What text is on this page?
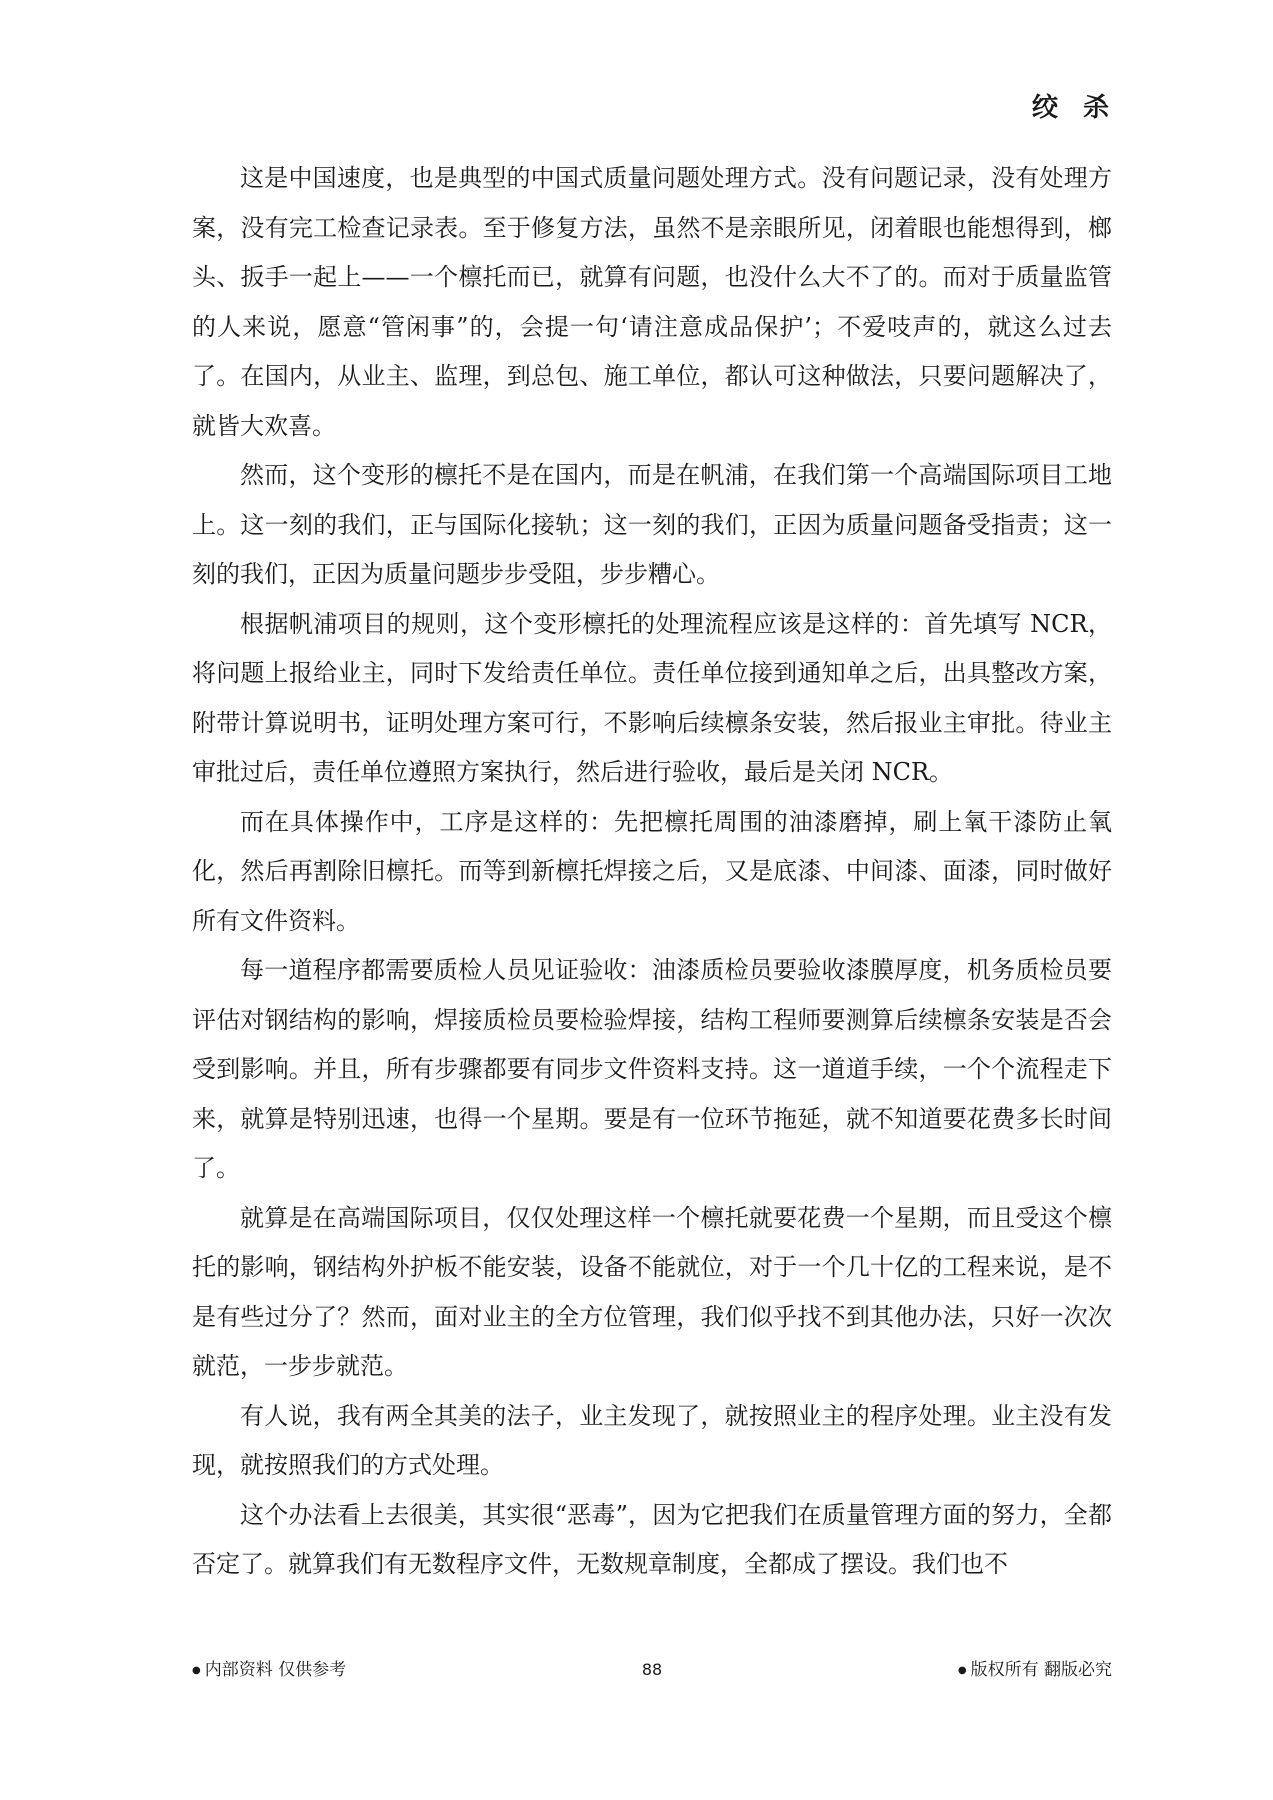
绞 杀

这是中国速度，也是典型的中国式质量问题处理方式。没有问题记录，没有处理方案，没有完工检查记录表。至于修复方法，虽然不是亲眼所见，闭着眼也能想得到，榔头、扳手一起上——一个檩托而已，就算有问题，也没什么大不了的。而对于质量监管的人来说，愿意“管闲事”的，会提一句‘请注意成品保护’；不爱吱声的，就这么过去了。在国内，从业主、监理，到总包、施工单位，都认可这种做法，只要问题解决了，就皆大欢喜。

然而，这个变形的檩托不是在国内，而是在帆浦，在我们第一个高端国际项目工地上。这一刻的我们，正与国际化接轨；这一刻的我们，正因为质量问题备受指责；这一刻的我们，正因为质量问题步步受阻，步步糟心。

根据帆浦项目的规则，这个变形檩托的处理流程应该是这样的：首先填写 NCR，将问题上报给业主，同时下发给责任单位。责任单位接到通知单之后，出具整改方案，附带计算说明书，证明处理方案可行，不影响后续檩条安装，然后报业主审批。待业主审批过后，责任单位遵照方案执行，然后进行验收，最后是关闭 NCR。

而在具体操作中，工序是这样的：先把檩托周围的油漆磨掉，刷上氧干漆防止氧化，然后再割除旧檩托。而等到新檩托焊接之后，又是底漆、中间漆、面漆，同时做好所有文件资料。

每一道程序都需要质检人员见证验收：油漆质检员要验收漆膜厚度，机务质检员要评估对钢结构的影响，焊接质检员要检验焊接，结构工程师要测算后续檩条安装是否会受到影响。并且，所有步骤都要有同步文件资料支持。这一道道手续，一个个流程走下来，就算是特别迅速，也得一个星期。要是有一位环节拖延，就不知道要花费多长时间了。

就算是在高端国际项目，仅仅处理这样一个檩托就要花费一个星期，而且受这个檩托的影响，钢结构外护板不能安装，设备不能就位，对于一个几十亿的工程来说，是不是有些过分了？然而，面对业主的全方位管理，我们似乎找不到其他办法，只好一次次就范，一步步就范。

有人说，我有两全其美的法子，业主发现了，就按照业主的程序处理。业主没有发现，就按照我们的方式处理。

这个办法看上去很美，其实很“恶毒”，因为它把我们在质量管理方面的努力，全都否定了。就算我们有无数程序文件，无数规章制度，全都成了摆设。我们也不

● 内部资料 仅供参考	88	● 版权所有 翻版必究
